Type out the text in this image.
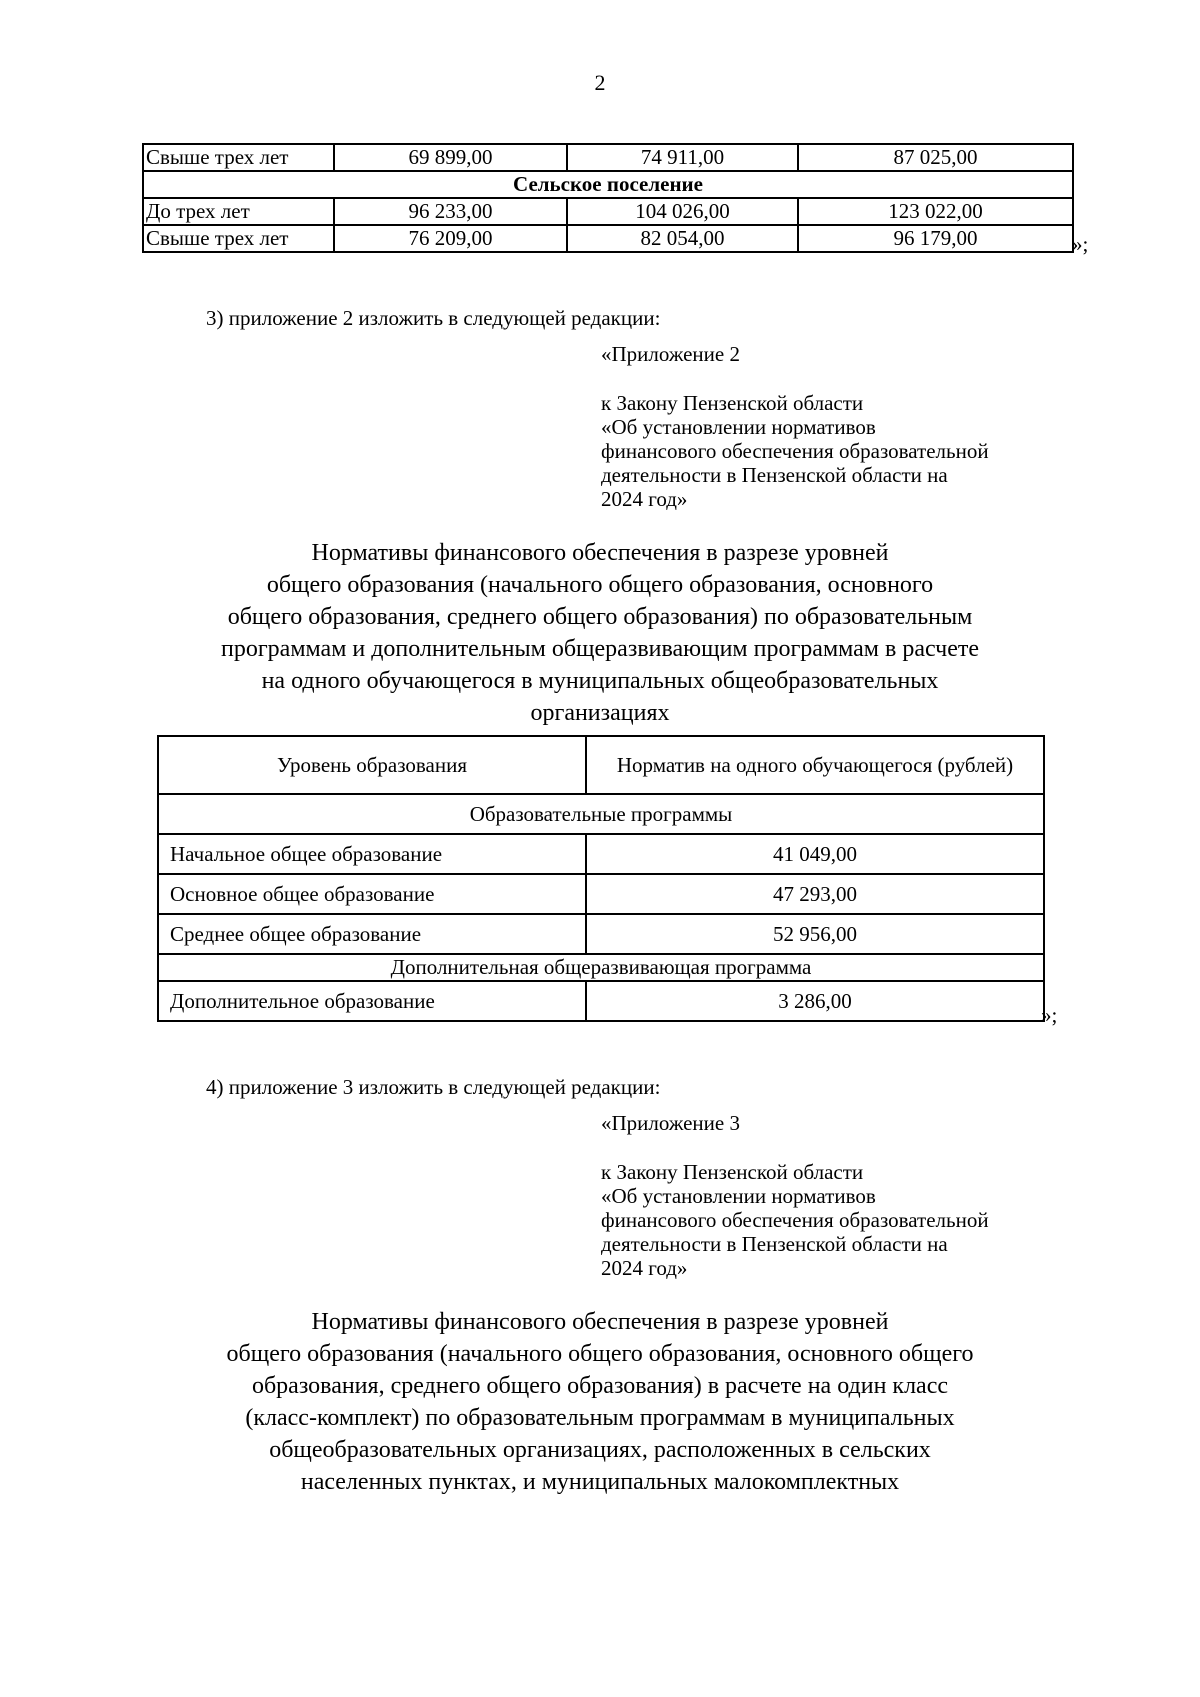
2
Свыше трех лет	69 899,00	74 911,00	87 025,00
Сельское поселение			
До трех лет	96 233,00	104 026,00	123 022,00
Свыше трех лет	76 209,00	82 054,00	96 179,00	»;
3) приложение 2 изложить в следующей редакции:
«Приложение 2
к Закону Пензенской области
«Об установлении нормативов
финансового обеспечения образовательной
деятельности в Пензенской области на
2024 год»
Нормативы финансового обеспечения в разрезе уровней
общего образования (начального общего образования, основного
общего образования, среднего общего образования) по образовательным
программам и дополнительным общеразвивающим программам в расчете
на одного обучающегося в муниципальных общеобразовательных
организациях
Уровень образования	Норматив на одного обучающегося (рублей)
Образовательные программы	
Начальное общее образование	41 049,00
Основное общее образование	47 293,00
Среднее общее образование	52 956,00
Дополнительная общеразвивающая программа	
Дополнительное образование	3 286,00
»;
4) приложение 3 изложить в следующей редакции:
«Приложение 3
к Закону Пензенской области
«Об установлении нормативов
финансового обеспечения образовательной
деятельности в Пензенской области на
2024 год»
Нормативы финансового обеспечения в разрезе уровней
общего образования (начального общего образования, основного общего
образования, среднего общего образования) в расчете на один класс
(класс-комплект) по образовательным программам в муниципальных
общеобразовательных организациях, расположенных в сельских
населенных пунктах, и муниципальных малокомплектных
